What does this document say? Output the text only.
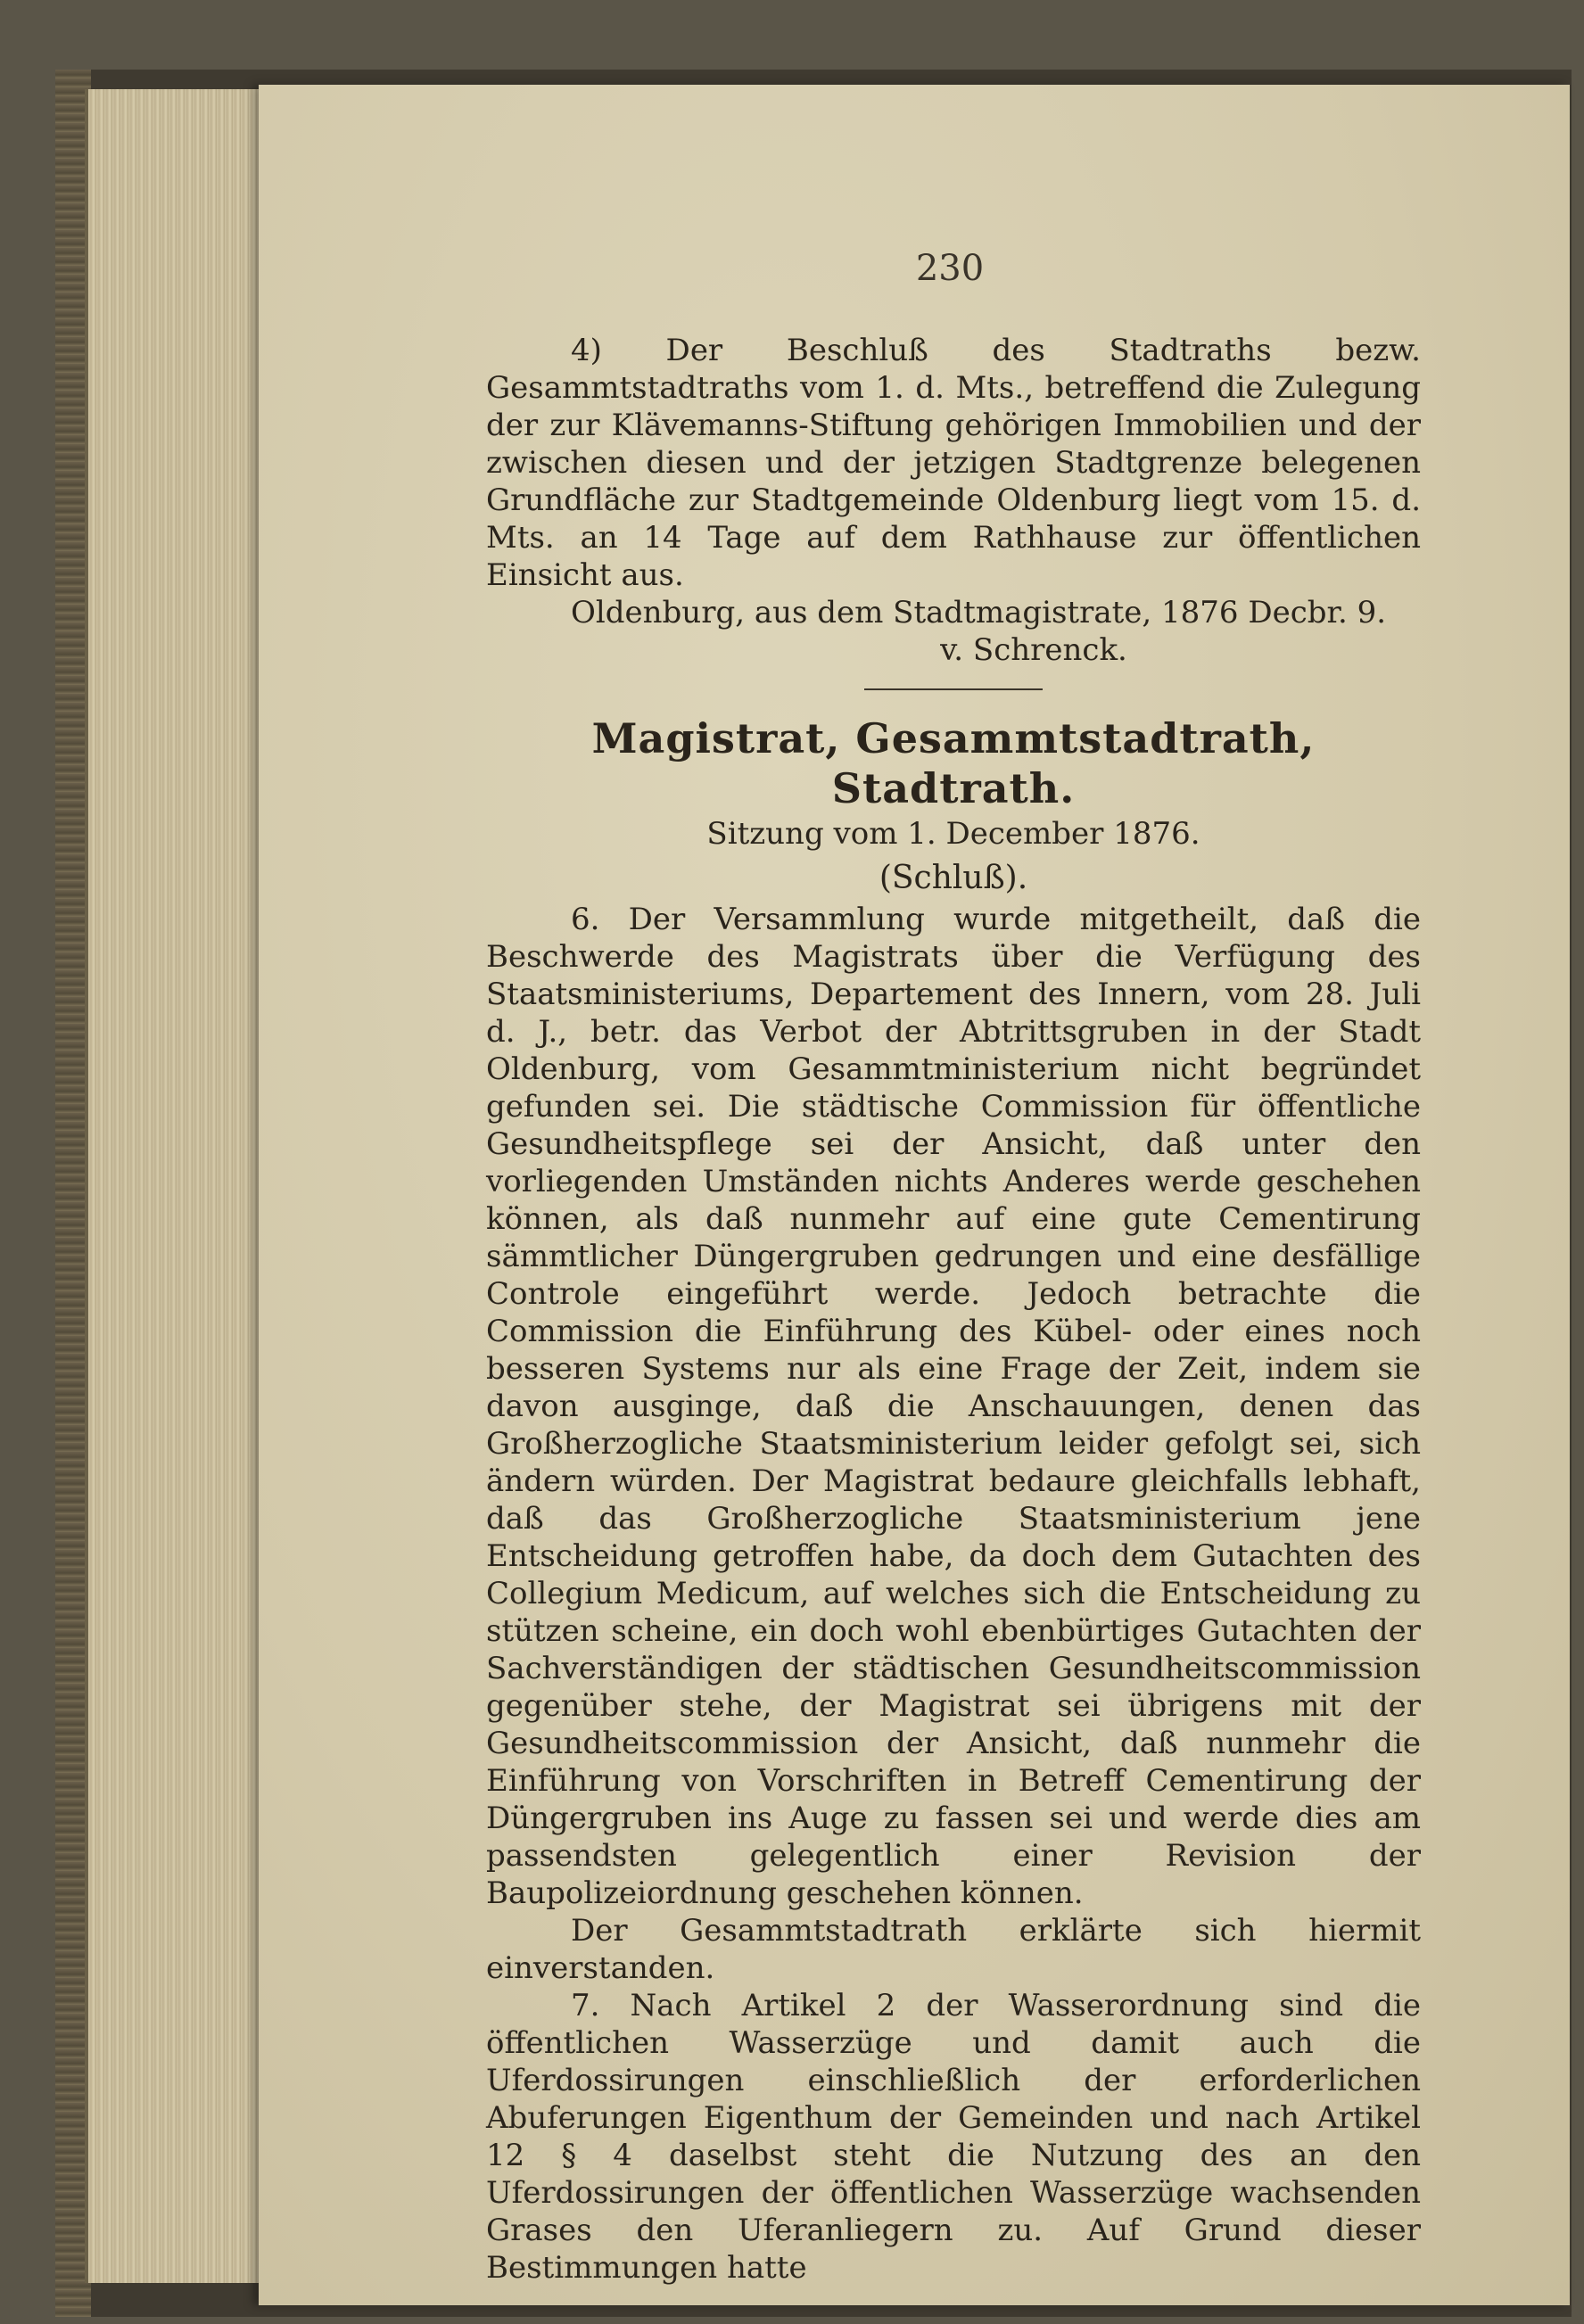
230

4) Der Beschluß des Stadtraths bezw. Gesammtstadtraths vom 1. d. Mts., betreffend die Zulegung der zur Klävemanns-Stiftung gehörigen Immobilien und der zwischen diesen und der jetzigen Stadtgrenze belegenen Grundfläche zur Stadtgemeinde Oldenburg liegt vom 15. d. Mts. an 14 Tage auf dem Rathhause zur öffentlichen Einsicht aus.

Oldenburg, aus dem Stadtmagistrate, 1876 Decbr. 9.

v. Schrenck.

Magistrat, Gesammtstadtrath, Stadtrath.

Sitzung vom 1. December 1876.

(Schluß).

6. Der Versammlung wurde mitgetheilt, daß die Beschwerde des Magistrats über die Verfügung des Staatsministeriums, Departement des Innern, vom 28. Juli d. J., betr. das Verbot der Abtrittsgruben in der Stadt Oldenburg, vom Gesammtministerium nicht begründet gefunden sei. Die städtische Commission für öffentliche Gesundheitspflege sei der Ansicht, daß unter den vorliegenden Umständen nichts Anderes werde geschehen können, als daß nunmehr auf eine gute Cementirung sämmtlicher Düngergruben gedrungen und eine desfällige Controle eingeführt werde. Jedoch betrachte die Commission die Einführung des Kübel- oder eines noch besseren Systems nur als eine Frage der Zeit, indem sie davon ausginge, daß die Anschauungen, denen das Großherzogliche Staatsministerium leider gefolgt sei, sich ändern würden. Der Magistrat bedaure gleichfalls lebhaft, daß das Großherzogliche Staatsministerium jene Entscheidung getroffen habe, da doch dem Gutachten des Collegium Medicum, auf welches sich die Entscheidung zu stützen scheine, ein doch wohl ebenbürtiges Gutachten der Sachverständigen der städtischen Gesundheitscommission gegenüber stehe, der Magistrat sei übrigens mit der Gesundheitscommission der Ansicht, daß nunmehr die Einführung von Vorschriften in Betreff Cementirung der Düngergruben ins Auge zu fassen sei und werde dies am passendsten gelegentlich einer Revision der Baupolizeiordnung geschehen können.

Der Gesammtstadtrath erklärte sich hiermit einverstanden.

7. Nach Artikel 2 der Wasserordnung sind die öffentlichen Wasserzüge und damit auch die Uferdossirungen einschließlich der erforderlichen Abuferungen Eigenthum der Gemeinden und nach Artikel 12 § 4 daselbst steht die Nutzung des an den Uferdossirungen der öffentlichen Wasserzüge wachsenden Grases den Uferanliegern zu. Auf Grund dieser Bestimmungen hatte
